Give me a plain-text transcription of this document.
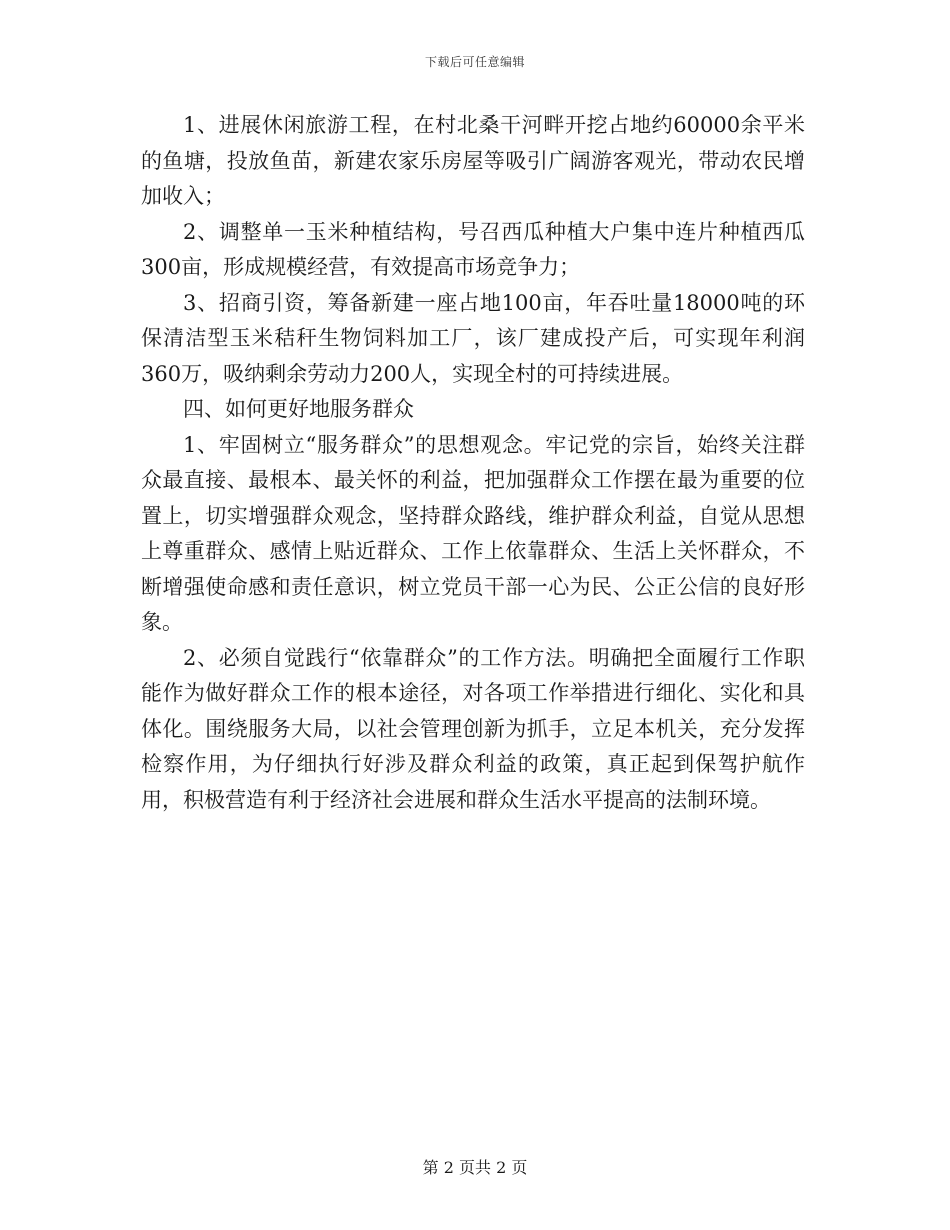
下载后可任意编辑

1、进展休闲旅游工程，在村北桑干河畔开挖占地约60000余平米的鱼塘，投放鱼苗，新建农家乐房屋等吸引广阔游客观光，带动农民增加收入；

2、调整单一玉米种植结构，号召西瓜种植大户集中连片种植西瓜300亩，形成规模经营，有效提高市场竞争力；

3、招商引资，筹备新建一座占地100亩，年吞吐量18000吨的环保清洁型玉米秸秆生物饲料加工厂，该厂建成投产后，可实现年利润360万，吸纳剩余劳动力200人，实现全村的可持续进展。

四、如何更好地服务群众

1、牢固树立“服务群众”的思想观念。牢记党的宗旨，始终关注群众最直接、最根本、最关怀的利益，把加强群众工作摆在最为重要的位置上，切实增强群众观念，坚持群众路线，维护群众利益，自觉从思想上尊重群众、感情上贴近群众、工作上依靠群众、生活上关怀群众，不断增强使命感和责任意识，树立党员干部一心为民、公正公信的良好形象。

2、必须自觉践行“依靠群众”的工作方法。明确把全面履行工作职能作为做好群众工作的根本途径，对各项工作举措进行细化、实化和具体化。围绕服务大局，以社会管理创新为抓手，立足本机关，充分发挥检察作用，为仔细执行好涉及群众利益的政策，真正起到保驾护航作用，积极营造有利于经济社会进展和群众生活水平提高的法制环境。

第 2 页共 2 页
